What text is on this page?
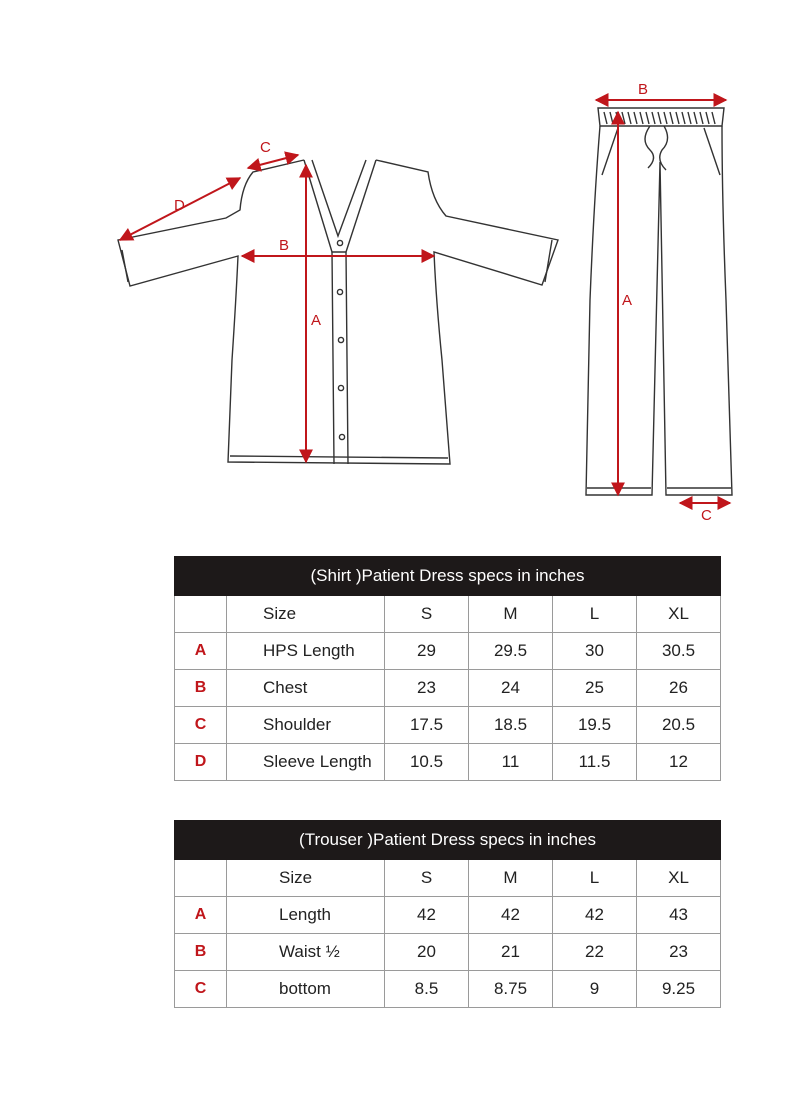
A
B
C
D
B
A
C
(Shirt )Patient Dress specs in inches					
	Size	S	M	L	XL
A	HPS Length	29	29.5	30	30.5
B	Chest	23	24	25	26
C	Shoulder	17.5	18.5	19.5	20.5
D	Sleeve Length	10.5	11	11.5	12
(Trouser )Patient Dress specs in inches					
	Size	S	M	L	XL
A	Length	42	42	42	43
B	Waist ½	20	21	22	23
C	bottom	8.5	8.75	9	9.25
